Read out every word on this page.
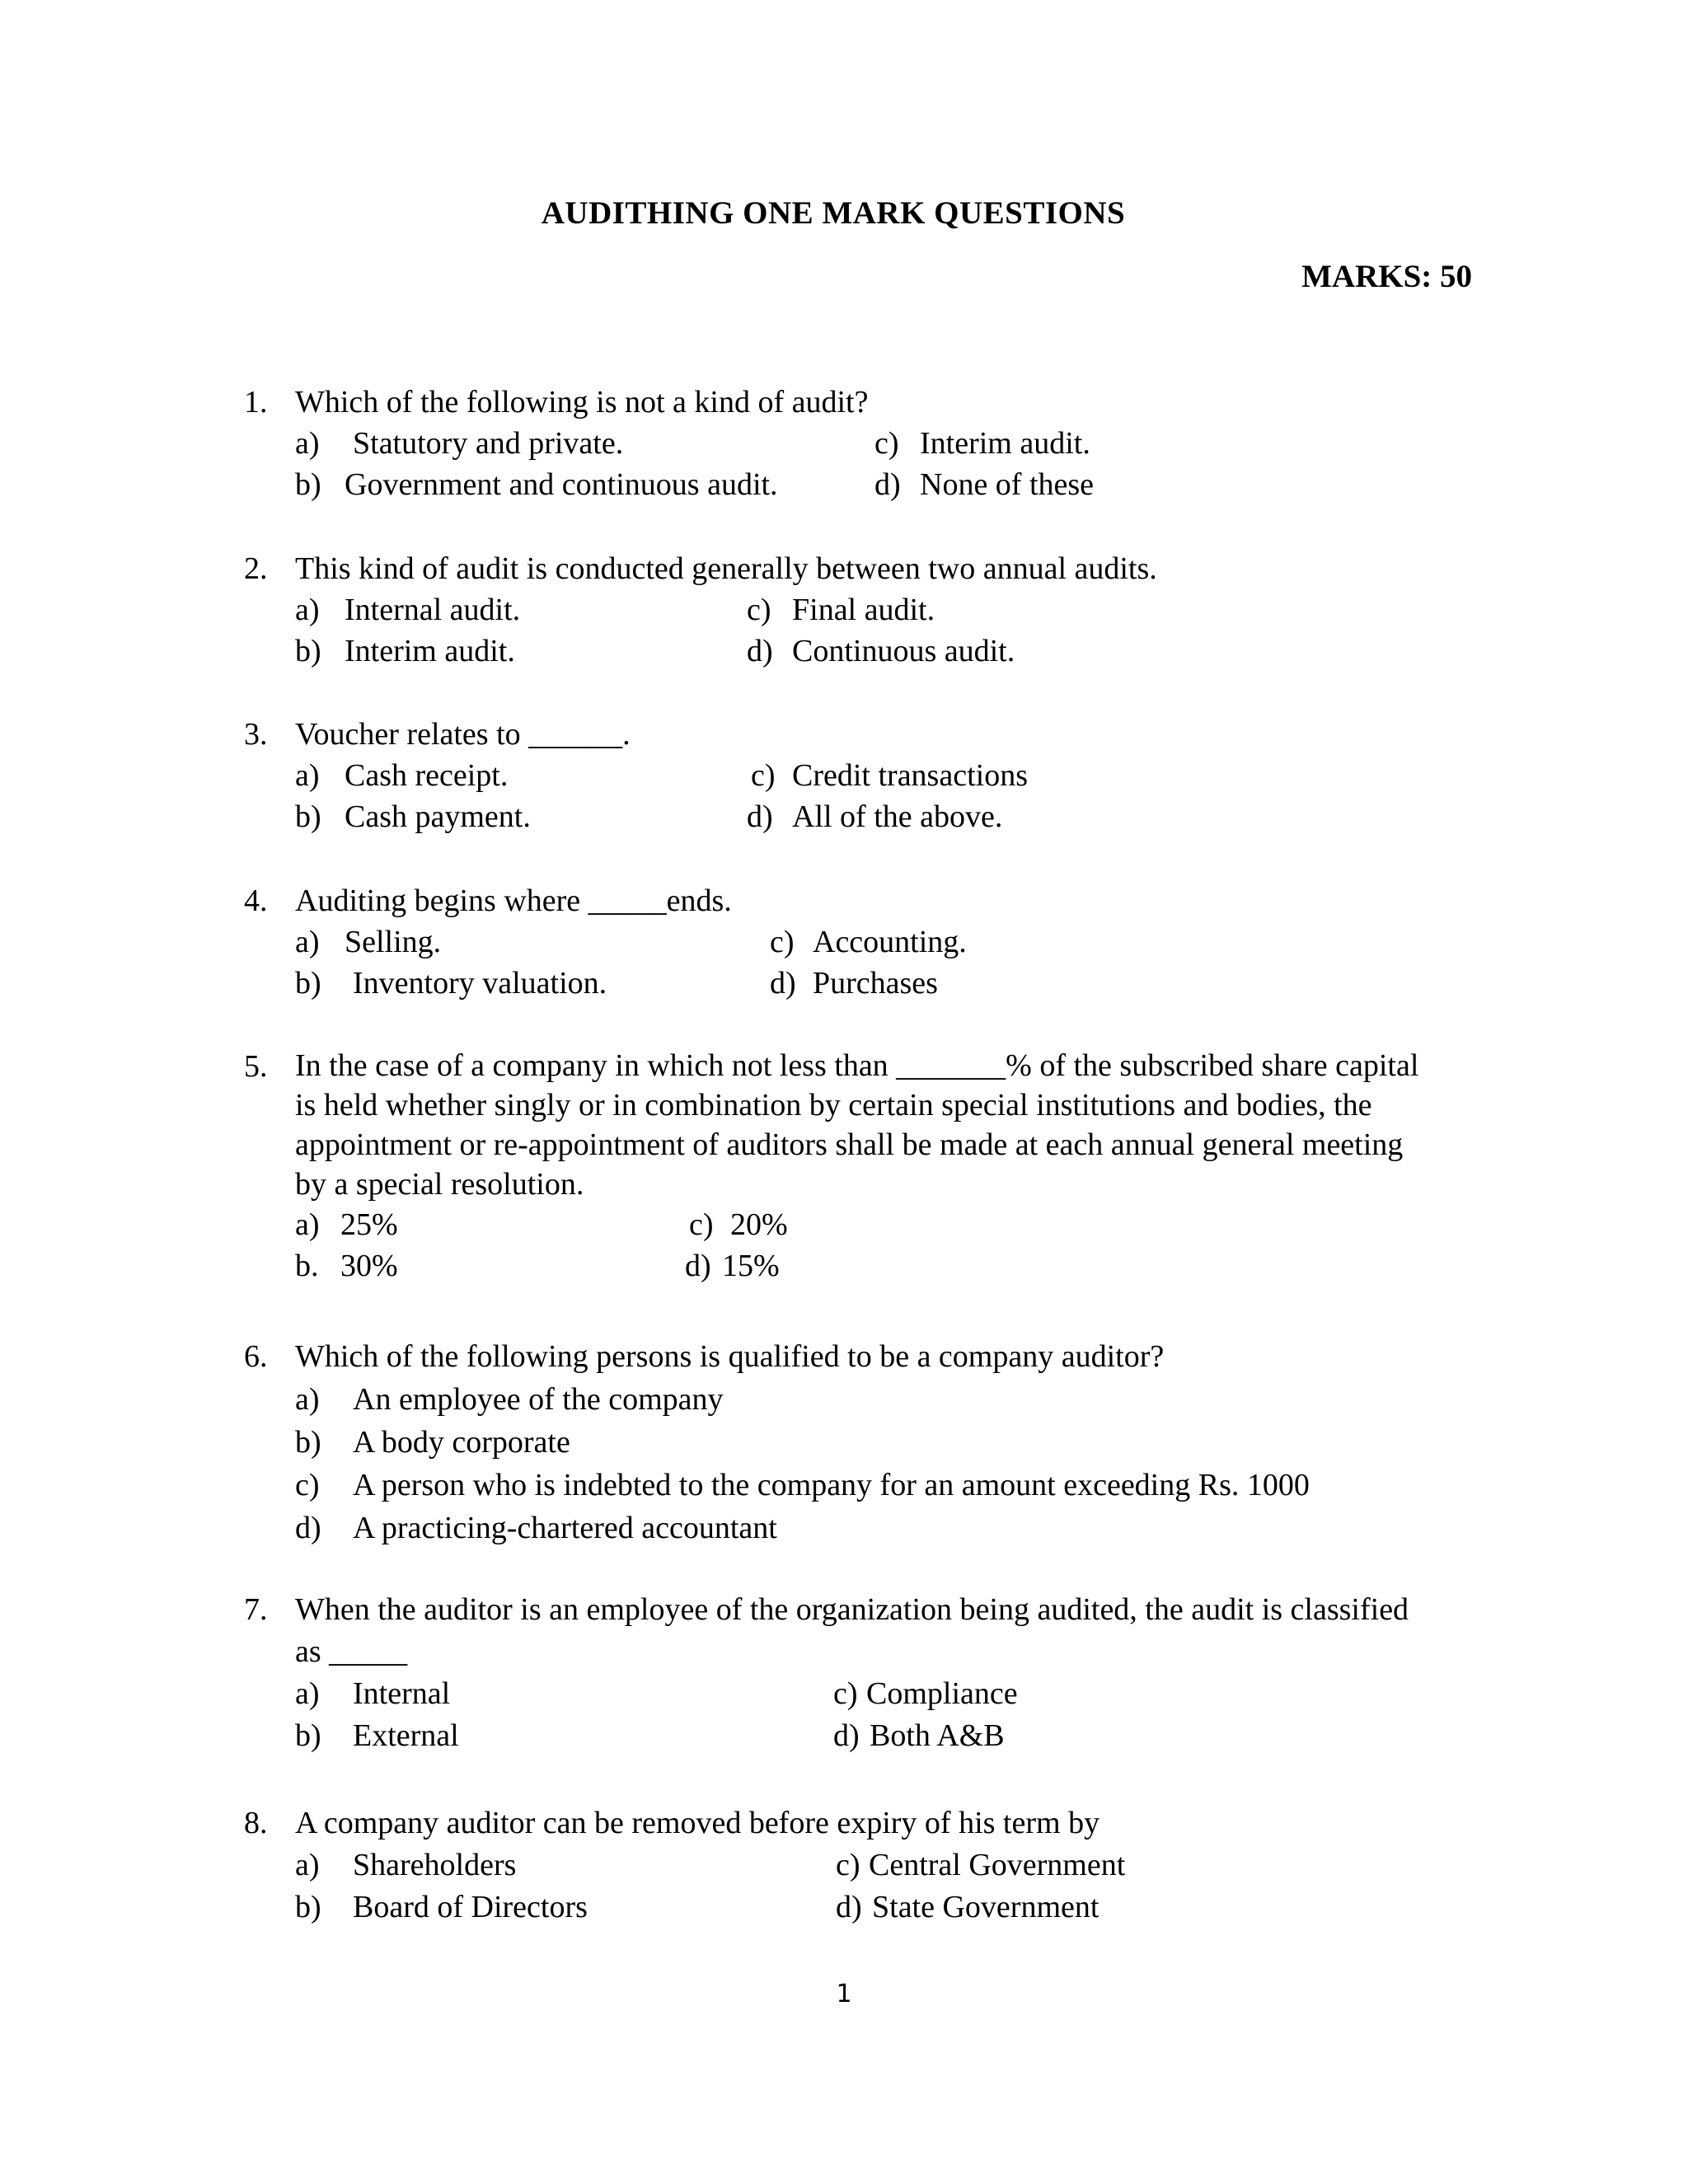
AUDITHING ONE MARK QUESTIONS
MARKS: 50
1. Which of the following is not a kind of audit?
a) Statutory and private.	c) Interim audit.
b) Government and continuous audit.	d) None of these
2. This kind of audit is conducted generally between two annual audits.
a) Internal audit.	c) Final audit.
b) Interim audit.	d) Continuous audit.
3. Voucher relates to ______.
a) Cash receipt.	c) Credit transactions
b) Cash payment.	d) All of the above.
4. Auditing begins where _____ends.
a) Selling.	c) Accounting.
b) Inventory valuation.	d) Purchases
5. In the case of a company in which not less than _______% of the subscribed share capital
is held whether singly or in combination by certain special institutions and bodies, the
appointment or re-appointment of auditors shall be made at each annual general meeting
by a special resolution.
a) 25%	c) 20%
b. 30%	d) 15%
6. Which of the following persons is qualified to be a company auditor?
a) An employee of the company
b) A body corporate
c) A person who is indebted to the company for an amount exceeding Rs. 1000
d) A practicing-chartered accountant
7. When the auditor is an employee of the organization being audited, the audit is classified
as _____
a) Internal	c) Compliance
b) External	d) Both A&B
8. A company auditor can be removed before expiry of his term by
a) Shareholders	c) Central Government
b) Board of Directors	d) State Government
1
